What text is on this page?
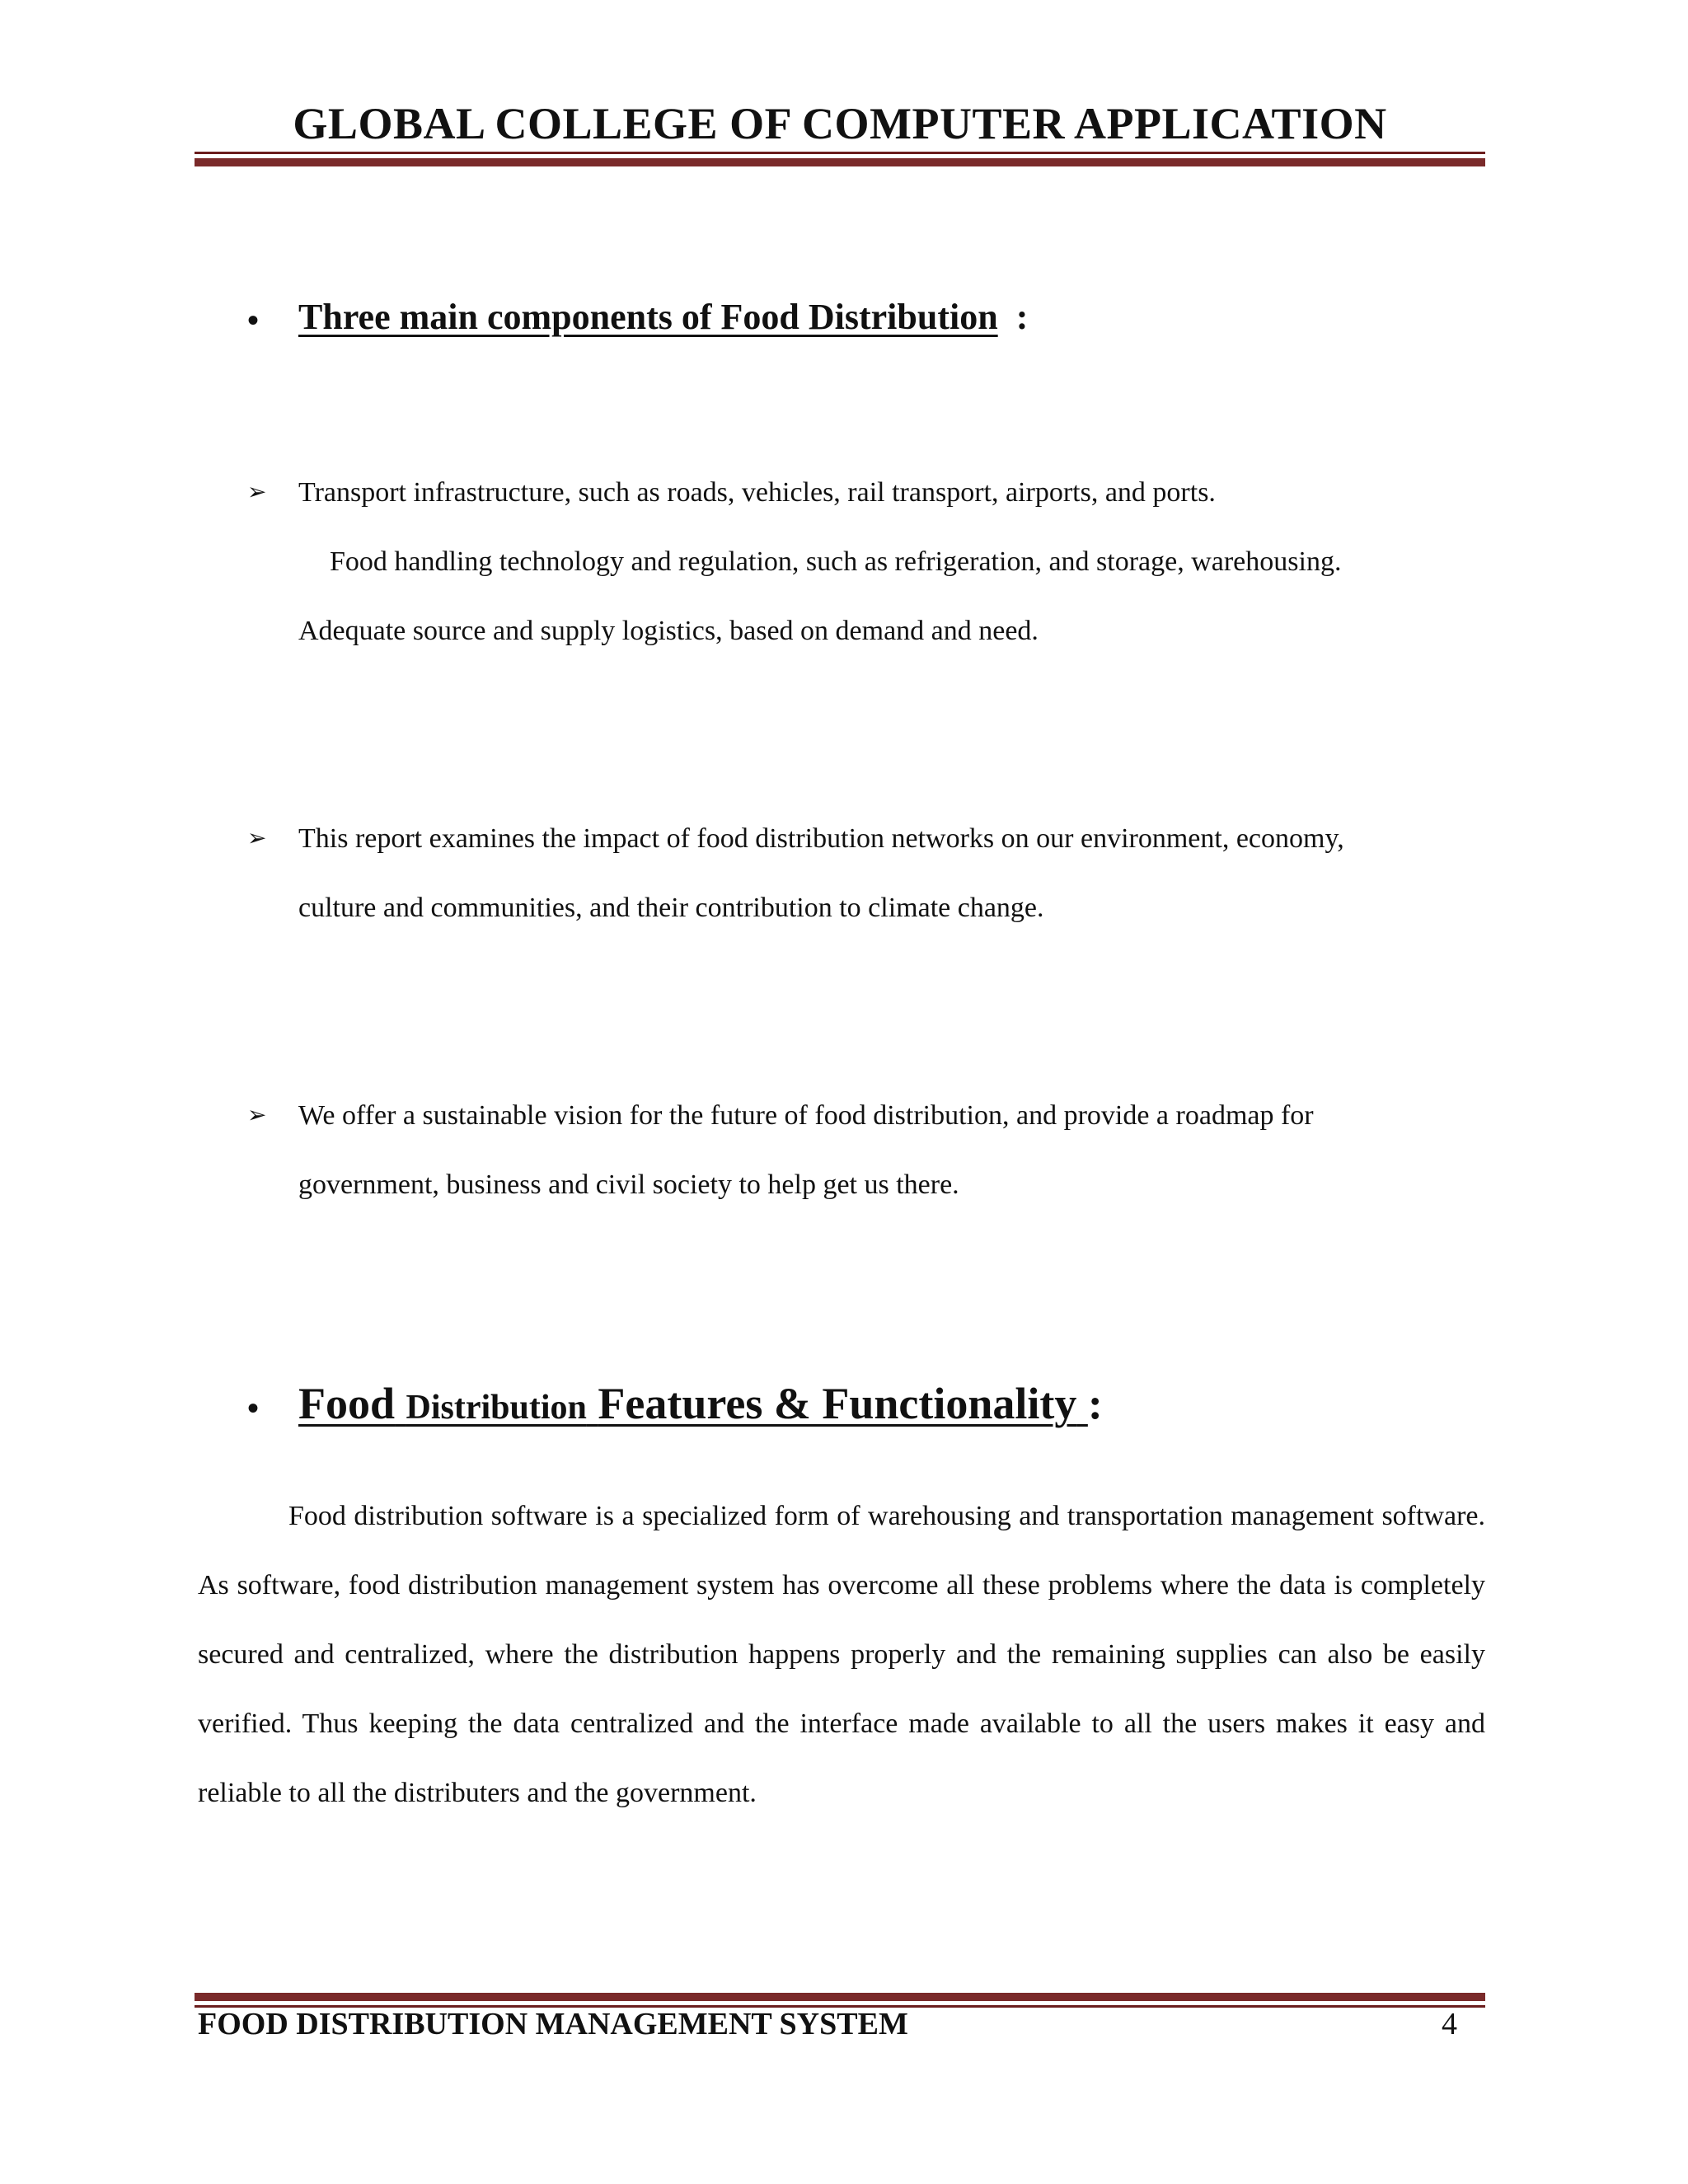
GLOBAL COLLEGE OF COMPUTER APPLICATION
• Three main components of Food Distribution :
➢	Transport infrastructure, such as roads, vehicles, rail transport, airports, and ports.
Food handling technology and regulation, such as refrigeration, and storage, warehousing.
Adequate source and supply logistics, based on demand and need.
➢	This report examines the impact of food distribution networks on our environment, economy,
culture and communities, and their contribution to climate change.
➢	We offer a sustainable vision for the future of food distribution, and provide a roadmap for
government, business and civil society to help get us there.
• Food Distribution Features & Functionality :
Food distribution software is a specialized form of warehousing and transportation management software. As software, food distribution management system has overcome all these problems where the data is completely secured and centralized, where the distribution happens properly and the remaining supplies can also be easily verified. Thus keeping the data centralized and the interface made available to all the users makes it easy and reliable to all the distributers and the government.
FOOD DISTRIBUTION MANAGEMENT SYSTEM	4
